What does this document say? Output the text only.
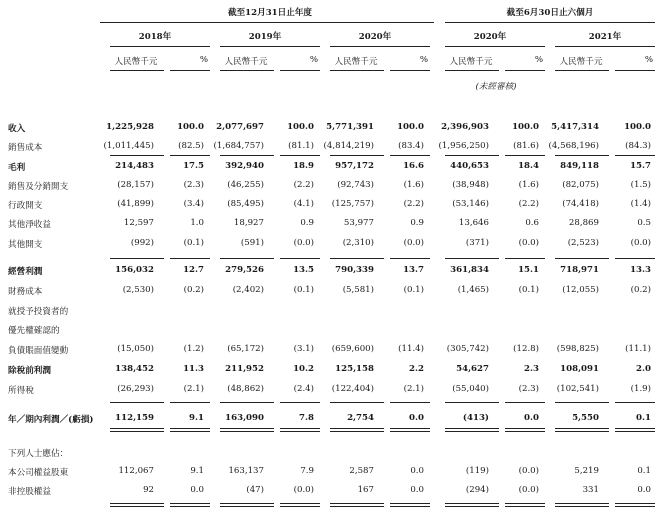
截至12月31日止年度	截至6月30日止六個月
2018年	2019年	2020年	2020年	2021年
人民幣千元	%	人民幣千元	%	人民幣千元	%	人民幣千元	%	人民幣千元	%
(未經審核)
收入	1,225,928	100.0	2,077,697	100.0	5,771,391	100.0	2,396,903	100.0	5,417,314	100.0
銷售成本	(1,011,445)	(82.5)	(1,684,757)	(81.1)	(4,814,219)	(83.4)	(1,956,250)	(81.6)	(4,568,196)	(84.3)
毛利	214,483	17.5	392,940	18.9	957,172	16.6	440,653	18.4	849,118	15.7
銷售及分銷開支	(28,157)	(2.3)	(46,255)	(2.2)	(92,743)	(1.6)	(38,948)	(1.6)	(82,075)	(1.5)
行政開支	(41,899)	(3.4)	(85,495)	(4.1)	(125,757)	(2.2)	(53,146)	(2.2)	(74,418)	(1.4)
其他淨收益	12,597	1.0	18,927	0.9	53,977	0.9	13,646	0.6	28,869	0.5
其他開支	(992)	(0.1)	(591)	(0.0)	(2,310)	(0.0)	(371)	(0.0)	(2,523)	(0.0)
經營利潤	156,032	12.7	279,526	13.5	790,339	13.7	361,834	15.1	718,971	13.3
財務成本	(2,530)	(0.2)	(2,402)	(0.1)	(5,581)	(0.1)	(1,465)	(0.1)	(12,055)	(0.2)
就授予投資者的
優先權確認的
負債賬面值變動	(15,050)	(1.2)	(65,172)	(3.1)	(659,600)	(11.4)	(305,742)	(12.8)	(598,825)	(11.1)
除稅前利潤	138,452	11.3	211,952	10.2	125,158	2.2	54,627	2.3	108,091	2.0
所得稅	(26,293)	(2.1)	(48,862)	(2.4)	(122,404)	(2.1)	(55,040)	(2.3)	(102,541)	(1.9)
年／期內利潤／(虧損)	112,159	9.1	163,090	7.8	2,754	0.0	(413)	0.0	5,550	0.1
下列人士應佔：
本公司權益股東	112,067	9.1	163,137	7.9	2,587	0.0	(119)	(0.0)	5,219	0.1
非控股權益	92	0.0	(47)	(0.0)	167	0.0	(294)	(0.0)	331	0.0
